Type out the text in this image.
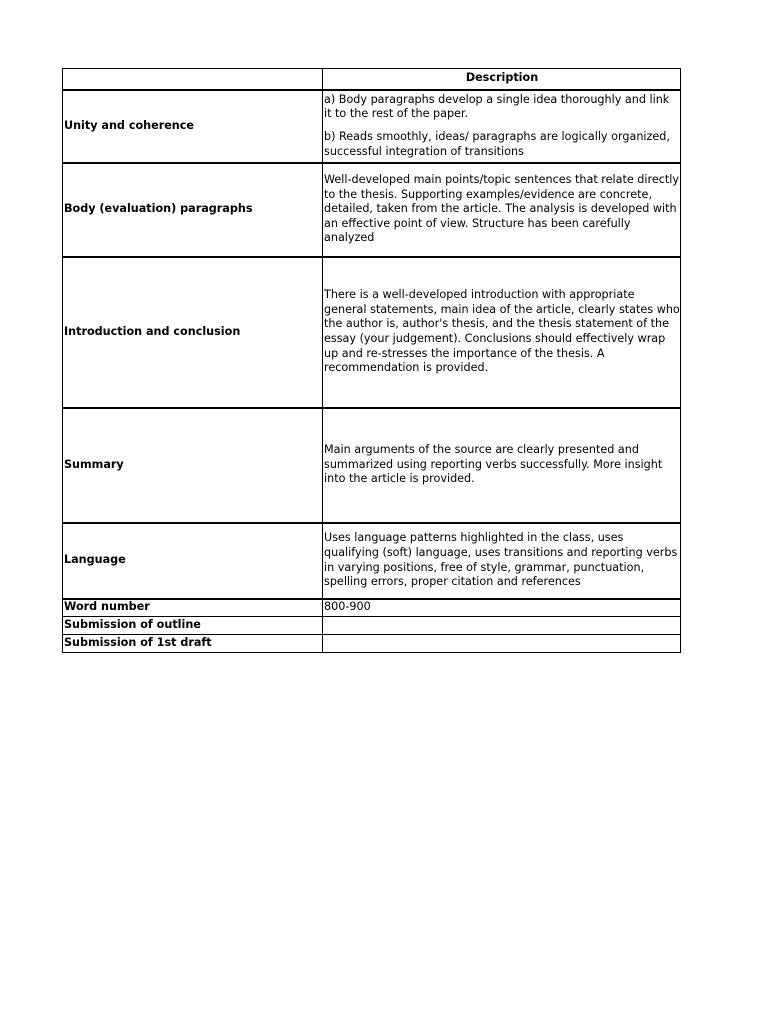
	Description
Unity and coherence	a) Body paragraphs develop a single idea thoroughly and link it to the rest of the paper.
b) Reads smoothly, ideas/ paragraphs are logically organized, successful integration of transitions

Body (evaluation) paragraphs	Well-developed main points/topic sentences that relate directly to the thesis. Supporting examples/evidence are concrete, detailed, taken from the article. The analysis is developed with an effective point of view. Structure has been carefully analyzed
Introduction and conclusion	There is a well-developed introduction with appropriate general statements, main idea of the article, clearly states who the author is, author's thesis, and the thesis statement of the essay (your judgement). Conclusions should effectively wrap up and re-stresses the importance of the thesis. A recommendation is provided.
Summary	Main arguments of the source are clearly presented and summarized using reporting verbs successfully. More insight into the article is provided.
Language	Uses language patterns highlighted in the class, uses qualifying (soft) language, uses transitions and reporting verbs in varying positions, free of style, grammar, punctuation, spelling errors, proper citation and references
Word number	800-900
Submission of outline	
Submission of 1st draft	
